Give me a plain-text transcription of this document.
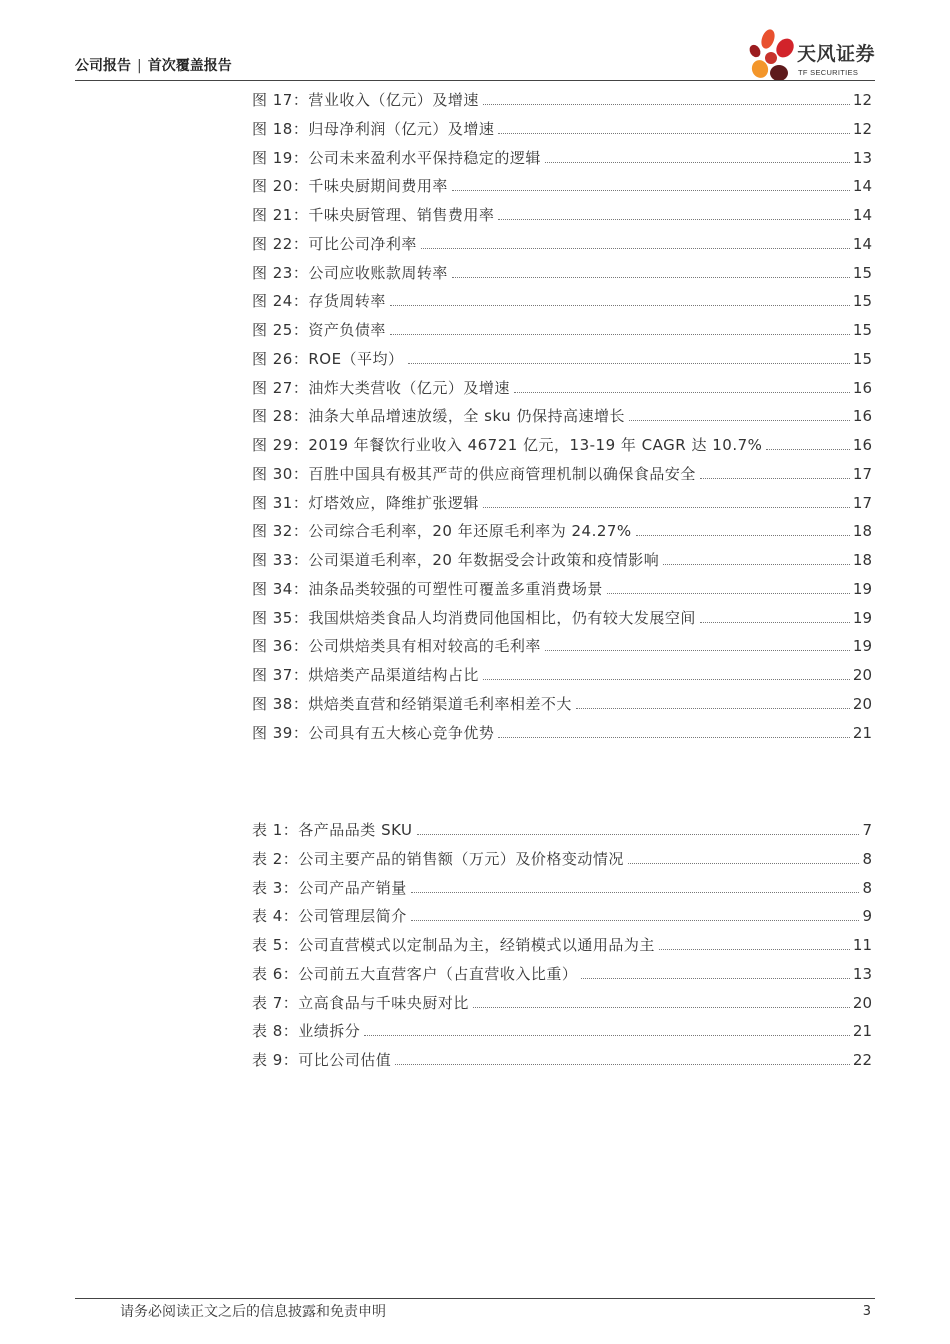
公司报告 | 首次覆盖报告
天风证券
TF SECURITIES
图 17：营业收入（亿元）及增速	12
图 18：归母净利润（亿元）及增速	12
图 19：公司未来盈利水平保持稳定的逻辑	13
图 20：千味央厨期间费用率	14
图 21：千味央厨管理、销售费用率	14
图 22：可比公司净利率	14
图 23：公司应收账款周转率	15
图 24：存货周转率	15
图 25：资产负债率	15
图 26：ROE（平均）	15
图 27：油炸大类营收（亿元）及增速	16
图 28：油条大单品增速放缓，全 sku 仍保持高速增长	16
图 29：2019 年餐饮行业收入 46721 亿元，13-19 年 CAGR 达 10.7%	16
图 30：百胜中国具有极其严苛的供应商管理机制以确保食品安全	17
图 31：灯塔效应，降维扩张逻辑	17
图 32：公司综合毛利率，20 年还原毛利率为 24.27%	18
图 33：公司渠道毛利率，20 年数据受会计政策和疫情影响	18
图 34：油条品类较强的可塑性可覆盖多重消费场景	19
图 35：我国烘焙类食品人均消费同他国相比，仍有较大发展空间	19
图 36：公司烘焙类具有相对较高的毛利率	19
图 37：烘焙类产品渠道结构占比	20
图 38：烘焙类直营和经销渠道毛利率相差不大	20
图 39：公司具有五大核心竞争优势	21
表 1：各产品品类 SKU	7
表 2：公司主要产品的销售额（万元）及价格变动情况	8
表 3：公司产品产销量	8
表 4：公司管理层简介	9
表 5：公司直营模式以定制品为主，经销模式以通用品为主	11
表 6：公司前五大直营客户（占直营收入比重）	13
表 7：立高食品与千味央厨对比	20
表 8：业绩拆分	21
表 9：可比公司估值	22
请务必阅读正文之后的信息披露和免责申明	3
